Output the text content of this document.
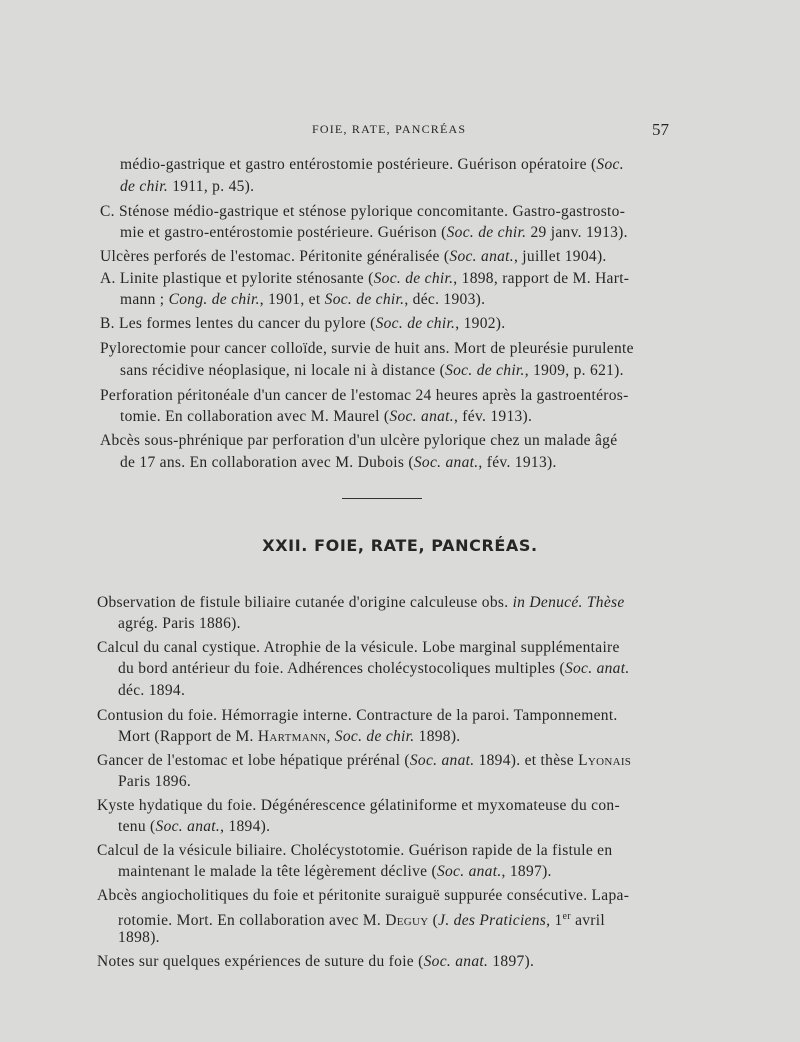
FOIE, RATE, PANCRÉAS	57
médio-gastrique et gastro entérostomie postérieure. Guérison opératoire (Soc.
de chir. 1911, p. 45).
C. Sténose médio-gastrique et sténose pylorique concomitante. Gastro-gastrosto-
mie et gastro-entérostomie postérieure. Guérison (Soc. de chir. 29 janv. 1913).
Ulcères perforés de l'estomac. Péritonite généralisée (Soc. anat., juillet 1904).
A. Linite plastique et pylorite sténosante (Soc. de chir., 1898, rapport de M. Hart-
mann ; Cong. de chir., 1901, et Soc. de chir., déc. 1903).
B. Les formes lentes du cancer du pylore (Soc. de chir., 1902).
Pylorectomie pour cancer colloïde, survie de huit ans. Mort de pleurésie purulente
sans récidive néoplasique, ni locale ni à distance (Soc. de chir., 1909, p. 621).
Perforation péritonéale d'un cancer de l'estomac 24 heures après la gastroentéros-
tomie. En collaboration avec M. Maurel (Soc. anat., fév. 1913).
Abcès sous-phrénique par perforation d'un ulcère pylorique chez un malade âgé
de 17 ans. En collaboration avec M. Dubois (Soc. anat., fév. 1913).
XXII. FOIE, RATE, PANCRÉAS.
Observation de fistule biliaire cutanée d'origine calculeuse obs. in Denucé. Thèse
agrég. Paris 1886).
Calcul du canal cystique. Atrophie de la vésicule. Lobe marginal supplémentaire
du bord antérieur du foie. Adhérences cholécystocoliques multiples (Soc. anat.
déc. 1894.
Contusion du foie. Hémorragie interne. Contracture de la paroi. Tamponnement.
Mort (Rapport de M. Hartmann, Soc. de chir. 1898).
Gancer de l'estomac et lobe hépatique prérénal (Soc. anat. 1894). et thèse Lyonais
Paris 1896.
Kyste hydatique du foie. Dégénérescence gélatiniforme et myxomateuse du con-
tenu (Soc. anat., 1894).
Calcul de la vésicule biliaire. Cholécystotomie. Guérison rapide de la fistule en
maintenant le malade la tête légèrement déclive (Soc. anat., 1897).
Abcès angiocholitiques du foie et péritonite suraiguë suppurée consécutive. Lapa-
rotomie. Mort. En collaboration avec M. Deguy (J. des Praticiens, 1er avril
1898).
Notes sur quelques expériences de suture du foie (Soc. anat. 1897).
